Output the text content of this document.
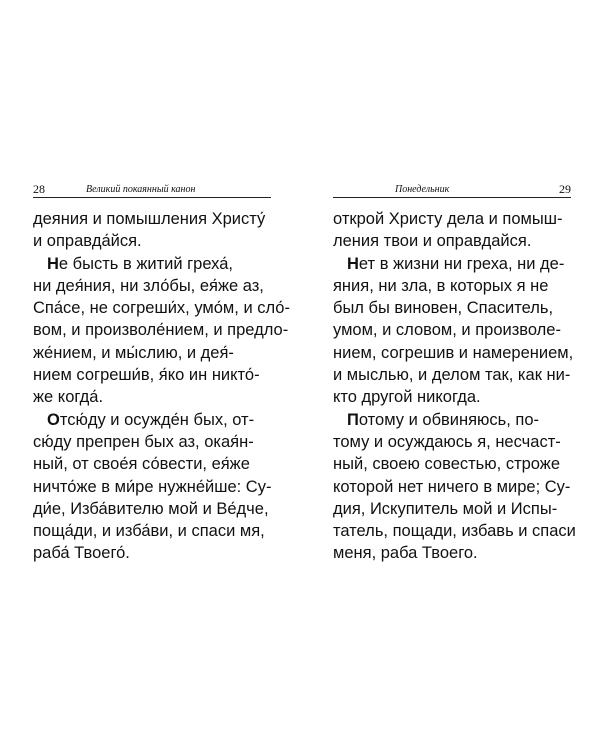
28	Великий покаянный канон

деяния и помышления Христу́
и оправда́йся.

Не бысть в житий греха́,
ни дея́ния, ни зло́бы, ея́же аз,
Спа́се, не согреши́х, умо́м, и сло́-
вом, и произволе́нием, и предло-
же́нием, и мы́слию, и дея́-
нием согреши́в, я́ко ин никто́-
же когда́.

Отсю́ду и осужде́н бых, от-
сю́ду препрен бых аз, окая́н-
ный, от свое́я со́вести, ея́же
ничто́же в ми́ре нужне́йше: Су-
ди́е, Изба́вителю мой и Ве́дче,
поща́ди, и изба́ви, и спаси мя,
раба́ Твоего́.

Понедельник	29

открой Христу дела и помыш-
ления твои и оправдайся.

Нет в жизни ни греха, ни де-
яния, ни зла, в которых я не
был бы виновен, Спаситель,
умом, и словом, и произволе-
нием, согрешив и намерением,
и мыслью, и делом так, как ни-
кто другой никогда.

Потому и обвиняюсь, по-
тому и осуждаюсь я, несчаст-
ный, своею совестью, строже
которой нет ничего в мире; Су-
дия, Искупитель мой и Испы-
татель, пощади, избавь и спаси
меня, раба Твоего.
